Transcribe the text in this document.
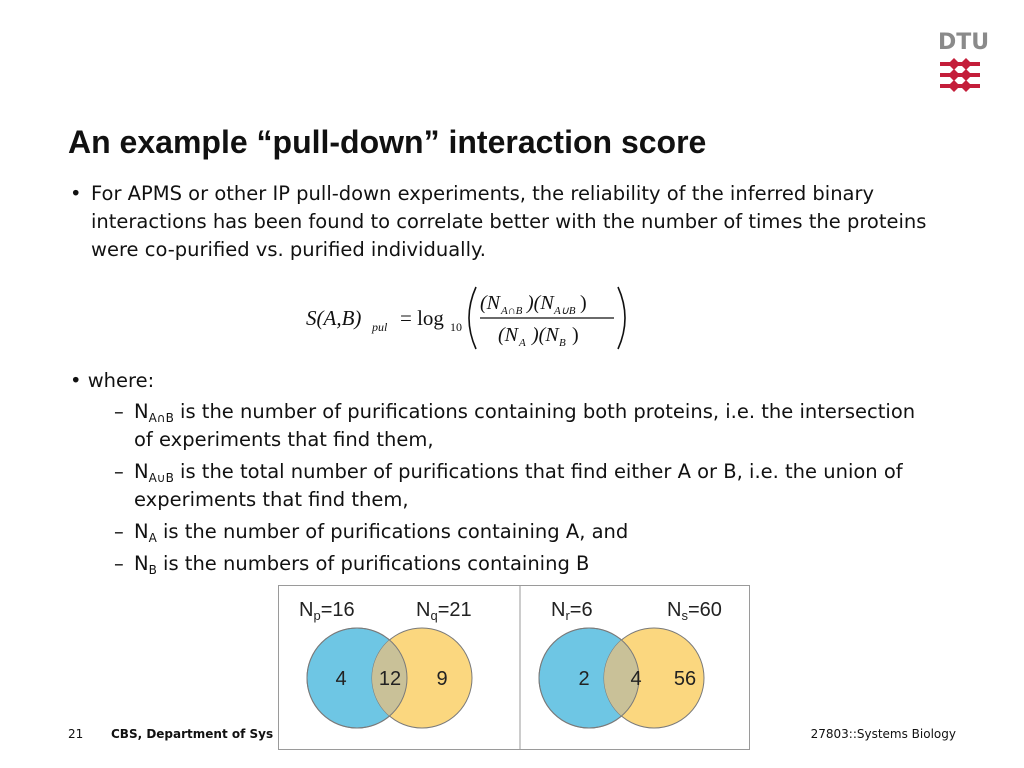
DTU
An example “pull-down” interaction score
• For APMS or other IP pull-down experiments, the reliability of the inferred binary interactions has been found to correlate better with the number of times the proteins were co-purified vs. purified individually.
S(A,B) pul = log 10
(N A∩B )(N A∪B )
(N A )(N B )
• where:
– $N_{A\cap B}$ is the number of purifications containing both proteins, i.e. the intersection of experiments that find them,
– $N_{A\cup B}$ is the total number of purifications that find either A or B, i.e. the union of experiments that find them,
– $N_A$ is the number of purifications containing A, and
– $N_B$ is the numbers of purifications containing B
21 CBS, Department of Sys	27803::Systems Biology
$N_p=16$	$N_q=21$
4 12 9
$N_r=6$	$N_s=60$
2 4 56
